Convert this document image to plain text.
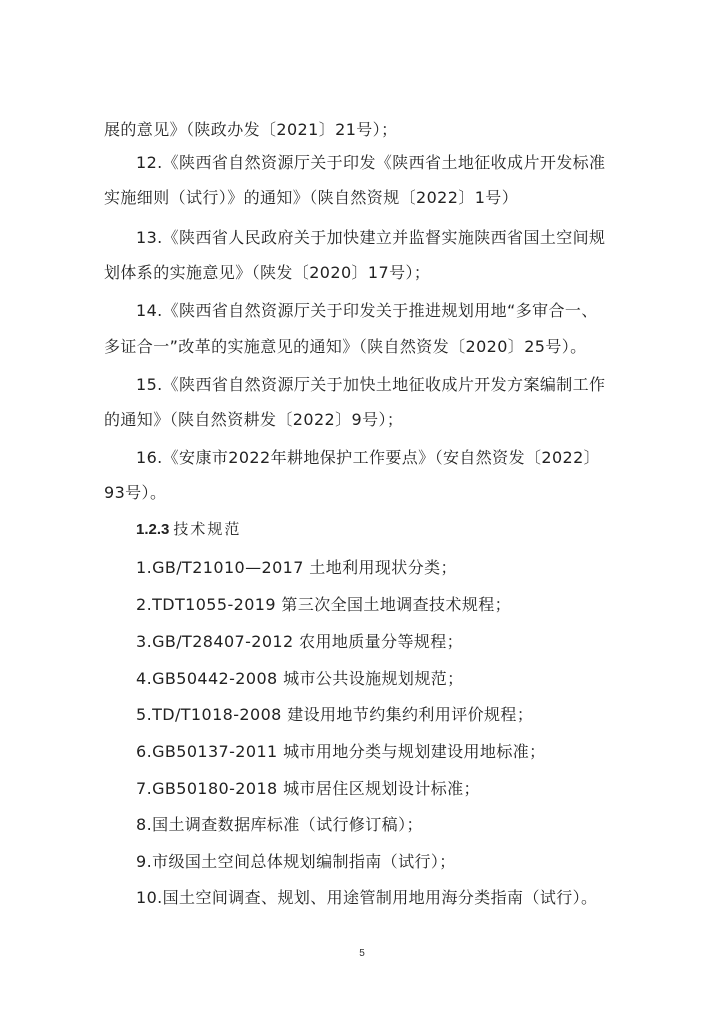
展的意见》（陕政办发〔2021〕21号）；
12.《陕西省自然资源厅关于印发《陕西省土地征收成片开发标准
实施细则（试行）》的通知》（陕自然资规〔2022〕1号）
13.《陕西省人民政府关于加快建立并监督实施陕西省国土空间规
划体系的实施意见》（陕发〔2020〕17号）；
14.《陕西省自然资源厅关于印发关于推进规划用地“多审合一、
多证合一”改革的实施意见的通知》（陕自然资发〔2020〕25号）。
15.《陕西省自然资源厅关于加快土地征收成片开发方案编制工作
的通知》（陕自然资耕发〔2022〕9号）；
16.《安康市2022年耕地保护工作要点》（安自然资发〔2022〕
93号）。
1.2.3 技术规范
1.GB/T21010—2017 土地利用现状分类；
2.TDT1055-2019 第三次全国土地调查技术规程；
3.GB/T28407-2012 农用地质量分等规程；
4.GB50442-2008 城市公共设施规划规范；
5.TD/T1018-2008 建设用地节约集约利用评价规程；
6.GB50137-2011 城市用地分类与规划建设用地标准；
7.GB50180-2018 城市居住区规划设计标准；
8.国土调查数据库标准（试行修订稿）；
9.市级国土空间总体规划编制指南（试行）；
10.国土空间调查、规划、用途管制用地用海分类指南（试行）。
5
